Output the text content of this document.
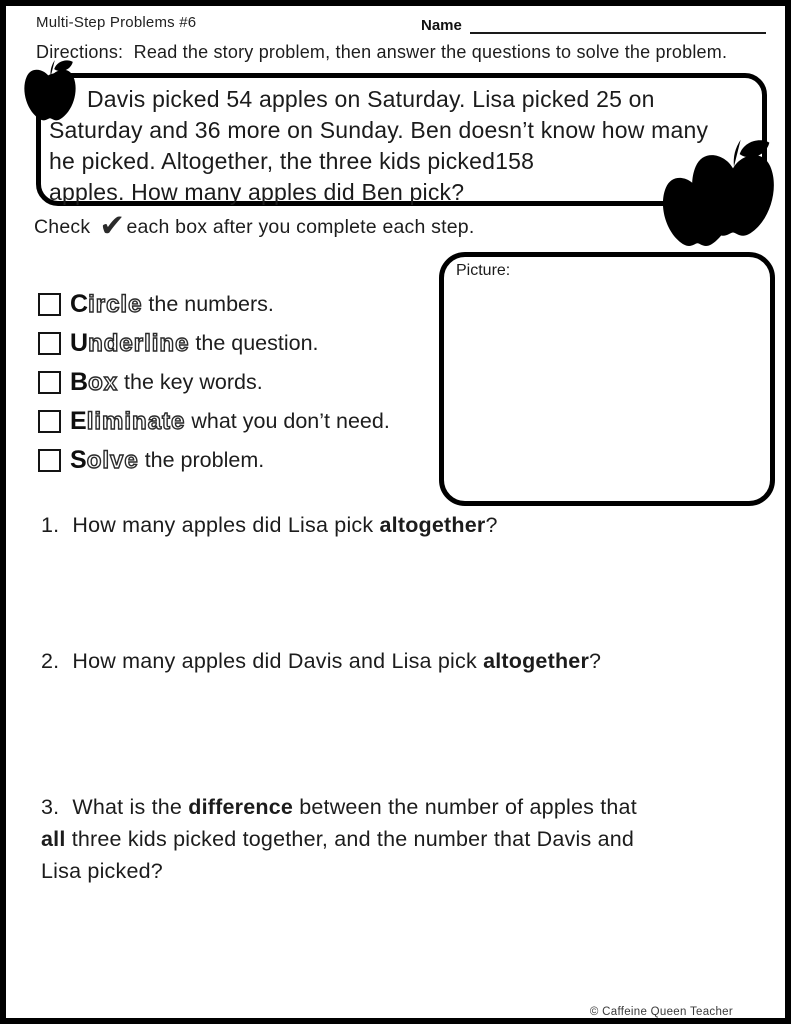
Multi-Step Problems #6	Name
Directions:  Read the story problem, then answer the questions to solve the problem.
Davis picked 54 apples on Saturday. Lisa picked 25 on
Saturday and 36 more on Sunday. Ben doesn’t know how many
he picked. Altogether, the three kids picked158
apples. How many apples did Ben pick?
Check ✔ each box after you complete each step.
C ircle the numbers.
U nderline the question.
B ox the key words.
E liminate what you don’t need.
S olve the problem.
Picture:
1. How many apples did Lisa pick altogether?
2. How many apples did Davis and Lisa pick altogether?
3. What is the difference between the number of apples that all three kids picked together, and the number that Davis and Lisa picked?
© Caffeine Queen Teacher
